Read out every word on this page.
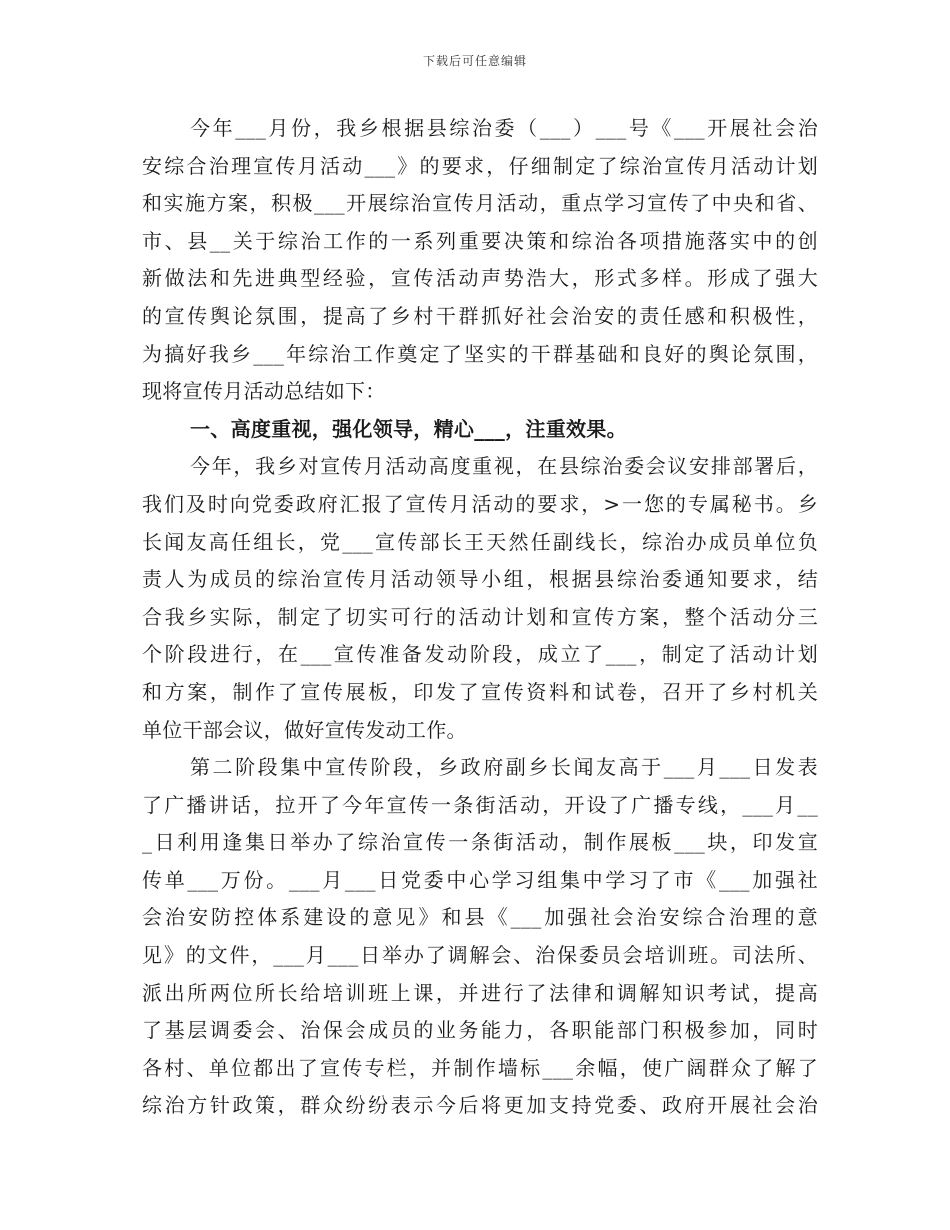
下载后可任意编辑
今年___月份，我乡根据县综治委（___）___号《___开展社会治
安综合治理宣传月活动___》的要求，仔细制定了综治宣传月活动计划
和实施方案，积极___开展综治宣传月活动，重点学习宣传了中央和省、
市、县__关于综治工作的一系列重要决策和综治各项措施落实中的创
新做法和先进典型经验，宣传活动声势浩大，形式多样。形成了强大
的宣传舆论氛围，提高了乡村干群抓好社会治安的责任感和积极性，
为搞好我乡___年综治工作奠定了坚实的干群基础和良好的舆论氛围，
现将宣传月活动总结如下：
一、高度重视，强化领导，精心___，注重效果。
今年，我乡对宣传月活动高度重视，在县综治委会议安排部署后，
我们及时向党委政府汇报了宣传月活动的要求，>一您的专属秘书。乡
长闻友高任组长，党___宣传部长王天然任副线长，综治办成员单位负
责人为成员的综治宣传月活动领导小组，根据县综治委通知要求，结
合我乡实际，制定了切实可行的活动计划和宣传方案，整个活动分三
个阶段进行，在___宣传准备发动阶段，成立了___，制定了活动计划
和方案，制作了宣传展板，印发了宣传资料和试卷，召开了乡村机关
单位干部会议，做好宣传发动工作。
第二阶段集中宣传阶段，乡政府副乡长闻友高于___月___日发表
了广播讲话，拉开了今年宣传一条街活动，开设了广播专线，___月__
_日利用逢集日举办了综治宣传一条街活动，制作展板___块，印发宣
传单___万份。___月___日党委中心学习组集中学习了市《___加强社
会治安防控体系建设的意见》和县《___加强社会治安综合治理的意
见》的文件，___月___日举办了调解会、治保委员会培训班。司法所、
派出所两位所长给培训班上课，并进行了法律和调解知识考试，提高
了基层调委会、治保会成员的业务能力，各职能部门积极参加，同时
各村、单位都出了宣传专栏，并制作墙标___余幅，使广阔群众了解了
综治方针政策，群众纷纷表示今后将更加支持党委、政府开展社会治
